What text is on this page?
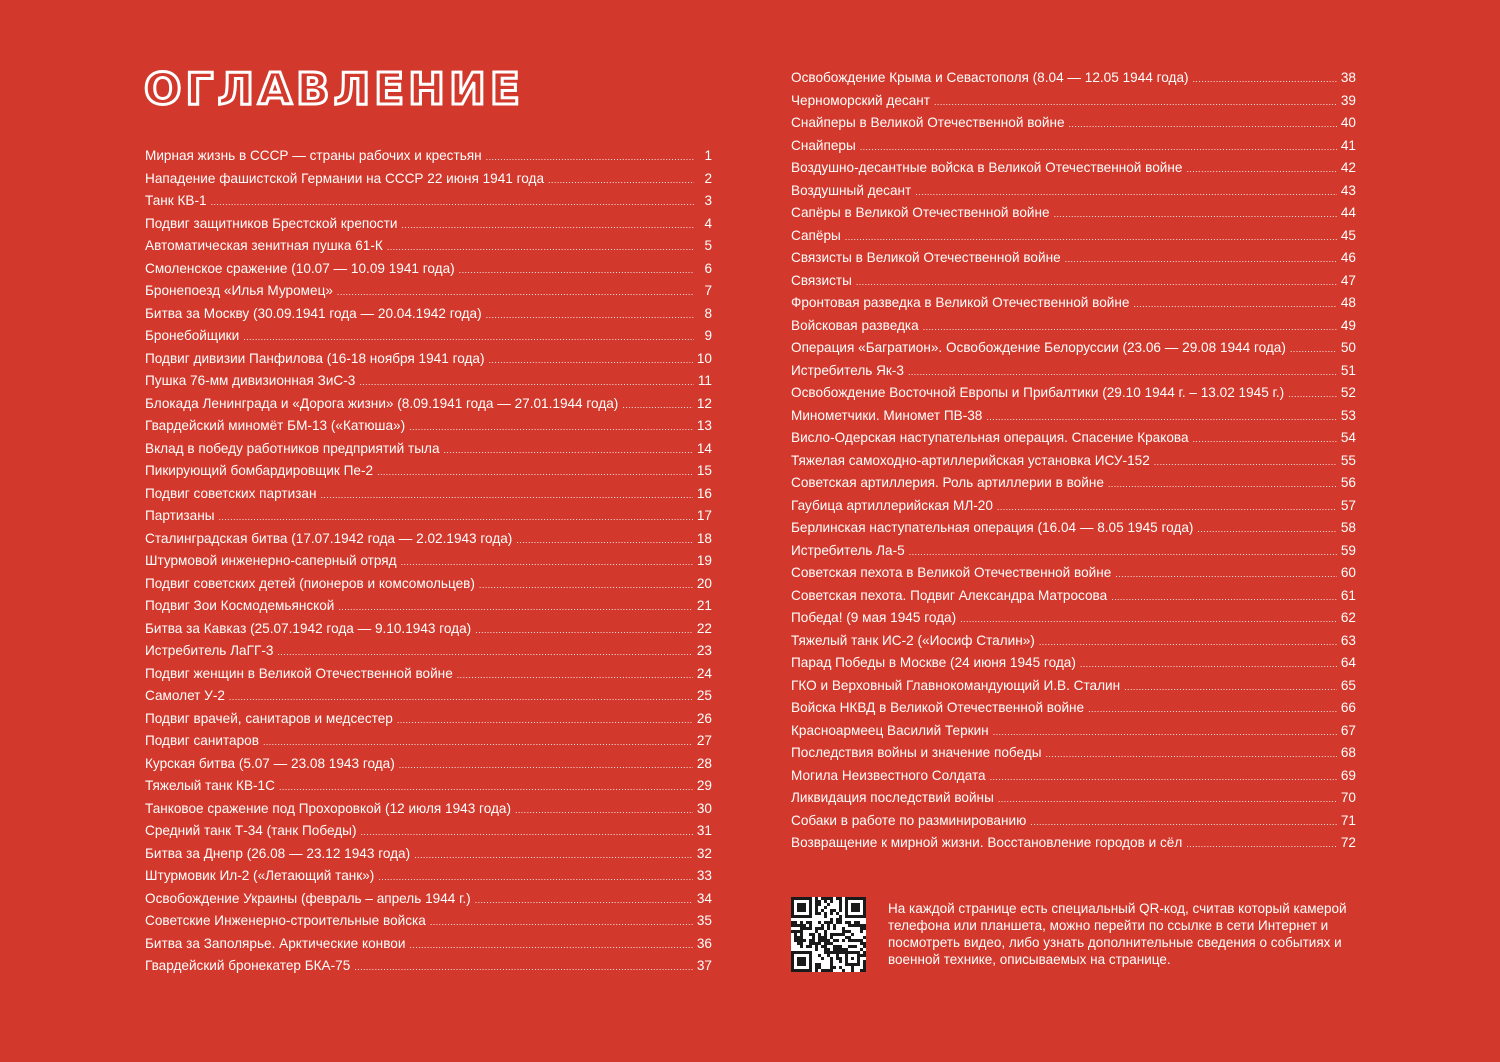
ОГЛАВЛЕНИЕ
Мирная жизнь в СССР — страны рабочих и крестьян .....	1
Нападение фашистской Германии на СССР 22 июня 1941 года .....	2
Танк КВ-1 .....	3
Подвиг защитников Брестской крепости .....	4
Автоматическая зенитная пушка 61-К .....	5
Смоленское сражение (10.07 — 10.09 1941 года) .....	6
Бронепоезд «Илья Муромец» .....	7
Битва за Москву (30.09.1941 года — 20.04.1942 года) .....	8
Бронебойщики .....	9
Подвиг дивизии Панфилова (16-18 ноября 1941 года) .....	10
Пушка 76-мм дивизионная ЗиС-3 .....	11
Блокада Ленинграда и «Дорога жизни» (8.09.1941 года — 27.01.1944 года) .....	12
Гвардейский миномёт БМ-13 («Катюша») .....	13
Вклад в победу работников предприятий тыла .....	14
Пикирующий бомбардировщик Пе-2 .....	15
Подвиг советских партизан .....	16
Партизаны .....	17
Сталинградская битва (17.07.1942 года — 2.02.1943 года) .....	18
Штурмовой инженерно-саперный отряд .....	19
Подвиг советских детей (пионеров и комсомольцев) .....	20
Подвиг Зои Космодемьянской .....	21
Битва за Кавказ (25.07.1942 года — 9.10.1943 года) .....	22
Истребитель ЛаГГ-3 .....	23
Подвиг женщин в Великой Отечественной войне .....	24
Самолет У-2 .....	25
Подвиг врачей, санитаров и медсестер .....	26
Подвиг санитаров .....	27
Курская битва (5.07 — 23.08 1943 года) .....	28
Тяжелый танк КВ-1С .....	29
Танковое сражение под Прохоровкой (12 июля 1943 года) .....	30
Средний танк Т-34 (танк Победы) .....	31
Битва за Днепр (26.08 — 23.12 1943 года) .....	32
Штурмовик Ил-2 («Летающий танк») .....	33
Освобождение Украины (февраль – апрель 1944 г.) .....	34
Советские Инженерно-строительные войска .....	35
Битва за Заполярье. Арктические конвои .....	36
Гвардейский бронекатер БКА-75 .....	37
Освобождение Крыма и Севастополя (8.04 — 12.05 1944 года) .....	38
Черноморский десант .....	39
Снайперы в Великой Отечественной войне .....	40
Снайперы .....	41
Воздушно-десантные войска в Великой Отечественной войне .....	42
Воздушный десант .....	43
Сапёры в Великой Отечественной войне .....	44
Сапёры .....	45
Связисты в Великой Отечественной войне .....	46
Связисты .....	47
Фронтовая разведка в Великой Отечественной войне .....	48
Войсковая разведка .....	49
Операция «Багратион». Освобождение Белоруссии (23.06 — 29.08 1944 года) .....	50
Истребитель Як-3 .....	51
Освобождение Восточной Европы и Прибалтики (29.10 1944 г. – 13.02 1945 г.) .....	52
Минометчики. Миномет ПВ-38 .....	53
Висло-Одерская наступательная операция. Спасение Кракова .....	54
Тяжелая самоходно-артиллерийская установка ИСУ-152 .....	55
Советская артиллерия. Роль артиллерии в войне .....	56
Гаубица артиллерийская МЛ-20 .....	57
Берлинская наступательная операция (16.04 — 8.05 1945 года) .....	58
Истребитель Ла-5 .....	59
Советская пехота в Великой Отечественной войне .....	60
Советская пехота. Подвиг Александра Матросова .....	61
Победа! (9 мая 1945 года) .....	62
Тяжелый танк ИС-2 («Иосиф Сталин») .....	63
Парад Победы в Москве (24 июня 1945 года) .....	64
ГКО и Верховный Главнокомандующий И.В. Сталин .....	65
Войска НКВД в Великой Отечественной войне .....	66
Красноармеец Василий Теркин .....	67
Последствия войны и значение победы .....	68
Могила Неизвестного Солдата .....	69
Ликвидация последствий войны .....	70
Собаки в работе по разминированию .....	71
Возвращение к мирной жизни. Восстановление городов и сёл .....	72

На каждой странице есть специальный QR-код, считав который камерой телефона или планшета, можно перейти по ссылке в сети Интернет и посмотреть видео, либо узнать дополнительные сведения о событиях и военной технике, описываемых на странице.
